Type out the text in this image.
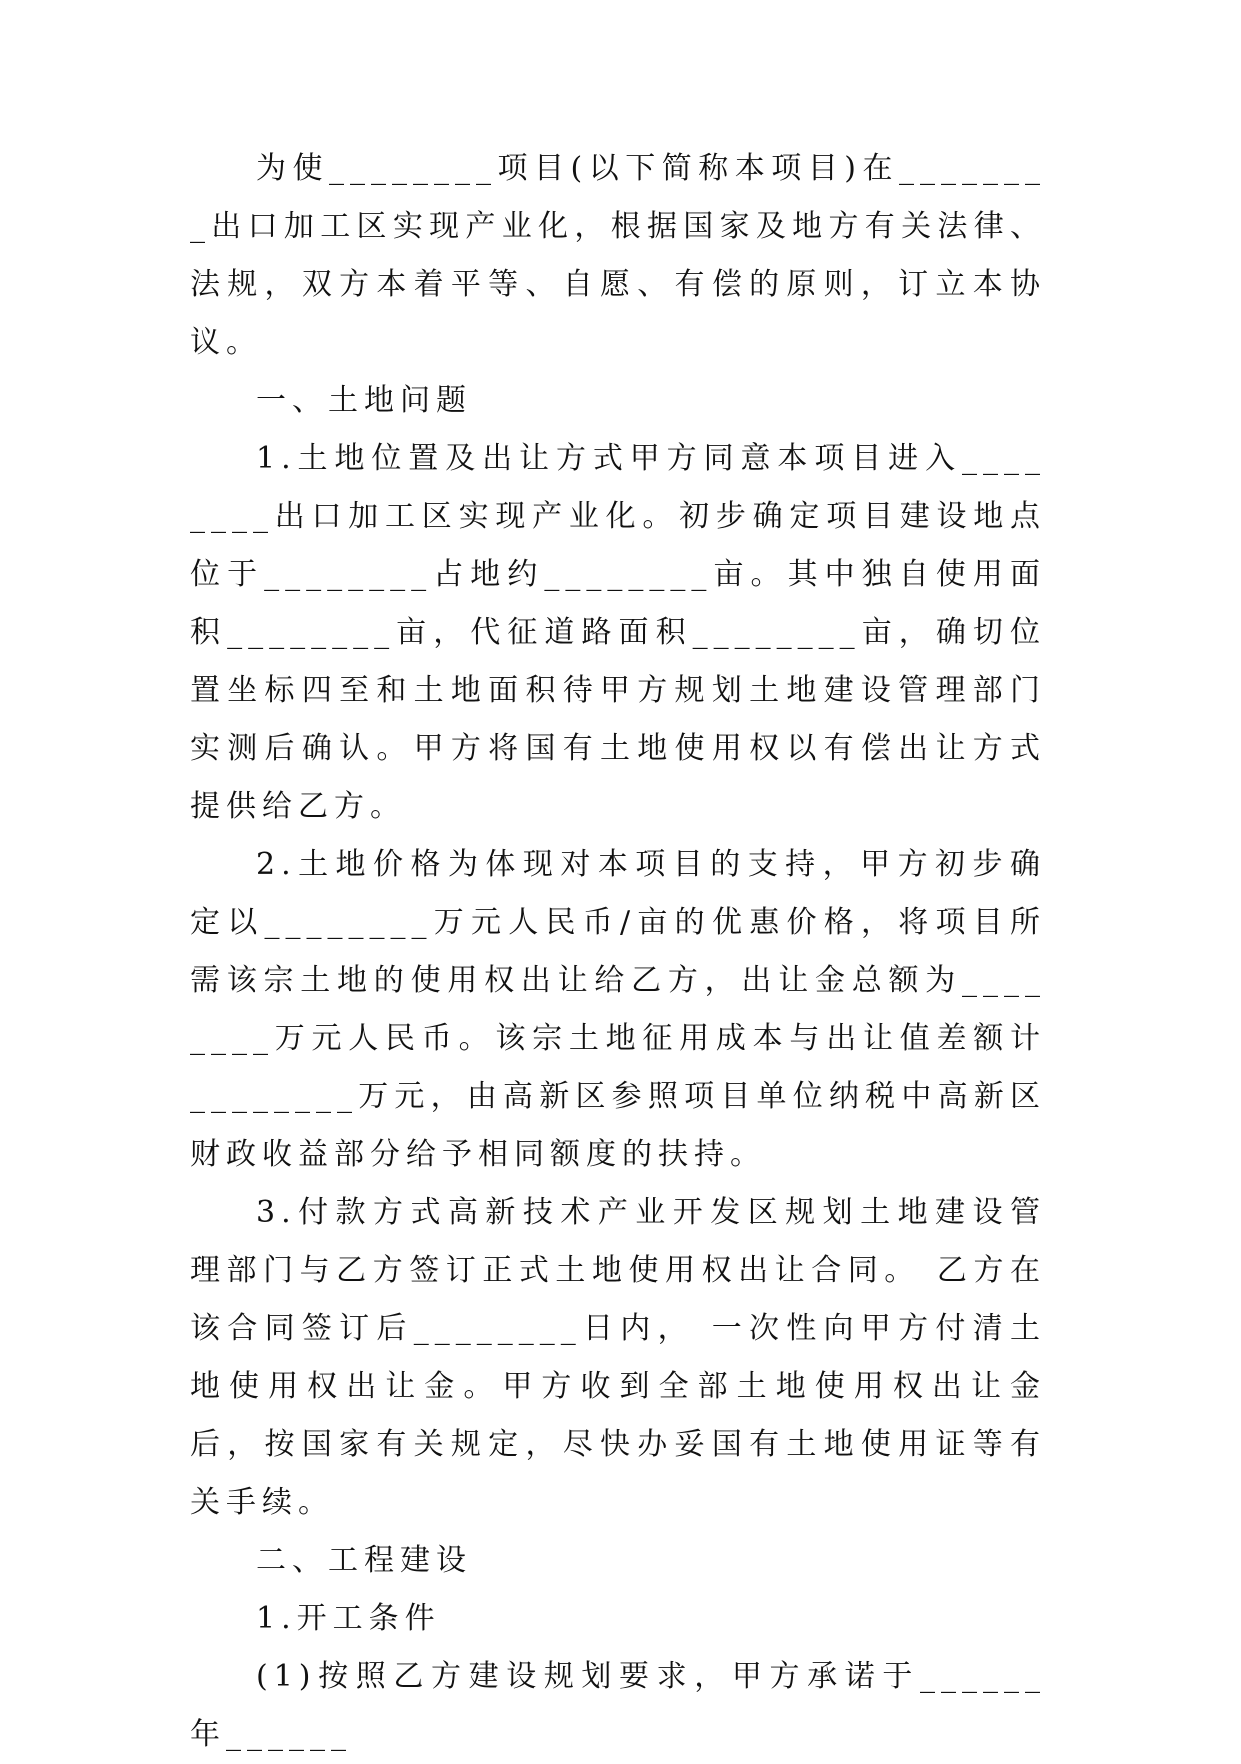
为使________项目(以下简称本项目)在________出口加工区实现产业化，根据国家及地方有关法律、法规，双方本着平等、自愿、有偿的原则，订立本协议。

一、土地问题

1.土地位置及出让方式甲方同意本项目进入________出口加工区实现产业化。初步确定项目建设地点位于________占地约________亩。其中独自使用面积________亩，代征道路面积________亩，确切位置坐标四至和土地面积待甲方规划土地建设管理部门实测后确认。甲方将国有土地使用权以有偿出让方式提供给乙方。

2.土地价格为体现对本项目的支持，甲方初步确定以________万元人民币/亩的优惠价格，将项目所需该宗土地的使用权出让给乙方，出让金总额为________万元人民币。该宗土地征用成本与出让值差额计________万元，由高新区参照项目单位纳税中高新区财政收益部分给予相同额度的扶持。

3.付款方式高新技术产业开发区规划土地建设管理部门与乙方签订正式土地使用权出让合同。 乙方在该合同签订后________日内， 一次性向甲方付清土地使用权出让金。甲方收到全部土地使用权出让金后，按国家有关规定，尽快办妥国有土地使用证等有关手续。

二、工程建设

1.开工条件

(1)按照乙方建设规划要求，甲方承诺于______年______
